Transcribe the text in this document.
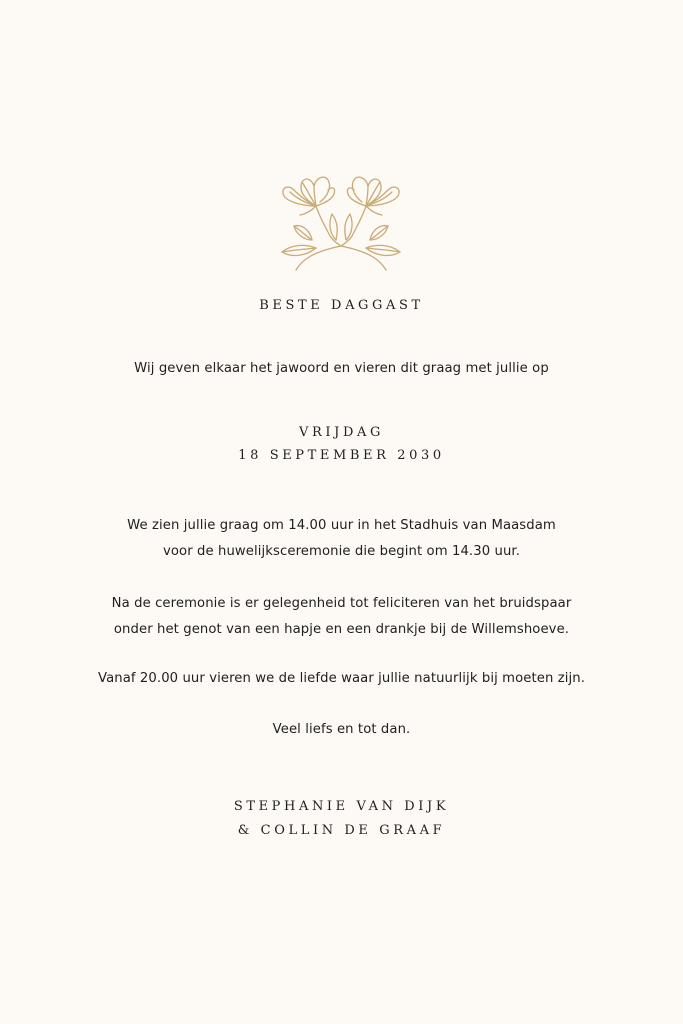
BESTE DAGGAST
Wij geven elkaar het jawoord en vieren dit graag met jullie op
VRIJDAG
18 SEPTEMBER 2030
We zien jullie graag om 14.00 uur in het Stadhuis van Maasdam
voor de huwelijksceremonie die begint om 14.30 uur.
Na de ceremonie is er gelegenheid tot feliciteren van het bruidspaar
onder het genot van een hapje en een drankje bij de Willemshoeve.
Vanaf 20.00 uur vieren we de liefde waar jullie natuurlijk bij moeten zijn.
Veel liefs en tot dan.
STEPHANIE VAN DIJK
& COLLIN DE GRAAF
